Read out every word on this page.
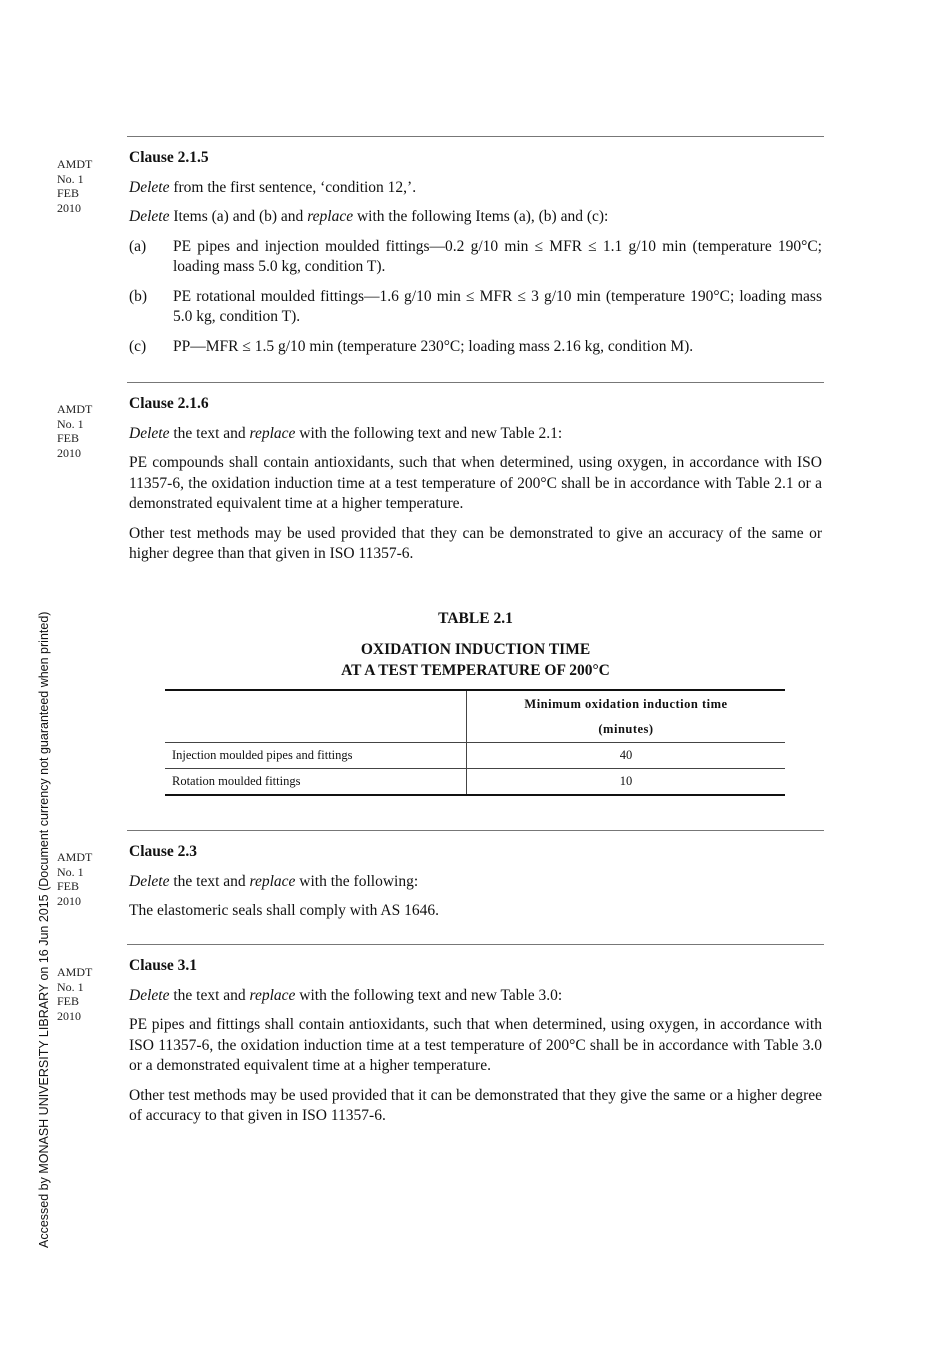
Accessed by MONASH UNIVERSITY LIBRARY on 16 Jun 2015 (Document currency not guaranteed when printed)
AMDT
No. 1
FEB
2010
Clause 2.1.5
Delete from the first sentence, ‘condition 12,’.
Delete Items (a) and (b) and replace with the following Items (a), (b) and (c):
(a)	PE pipes and injection moulded fittings—0.2 g/10 min ≤ MFR ≤ 1.1 g/10 min (temperature 190°C; loading mass 5.0 kg, condition T).
(b)	PE rotational moulded fittings—1.6 g/10 min ≤ MFR ≤ 3 g/10 min (temperature 190°C; loading mass 5.0 kg, condition T).
(c)	PP—MFR ≤ 1.5 g/10 min (temperature 230°C; loading mass 2.16 kg, condition M).
AMDT
No. 1
FEB
2010
Clause 2.1.6
Delete the text and replace with the following text and new Table 2.1:
PE compounds shall contain antioxidants, such that when determined, using oxygen, in accordance with ISO 11357-6, the oxidation induction time at a test temperature of 200°C shall be in accordance with Table 2.1 or a demonstrated equivalent time at a higher temperature.
Other test methods may be used provided that they can be demonstrated to give an accuracy of the same or higher degree than that given in ISO 11357-6.
TABLE 2.1
OXIDATION INDUCTION TIME
AT A TEST TEMPERATURE OF 200°C
	Minimum oxidation induction time
	(minutes)
Injection moulded pipes and fittings	40
Rotation moulded fittings	10
AMDT
No. 1
FEB
2010
Clause 2.3
Delete the text and replace with the following:
The elastomeric seals shall comply with AS 1646.
AMDT
No. 1
FEB
2010
Clause 3.1
Delete the text and replace with the following text and new Table 3.0:
PE pipes and fittings shall contain antioxidants, such that when determined, using oxygen, in accordance with ISO 11357-6, the oxidation induction time at a test temperature of 200°C shall be in accordance with Table 3.0 or a demonstrated equivalent time at a higher temperature.
Other test methods may be used provided that it can be demonstrated that they give the same or a higher degree of accuracy to that given in ISO 11357-6.
